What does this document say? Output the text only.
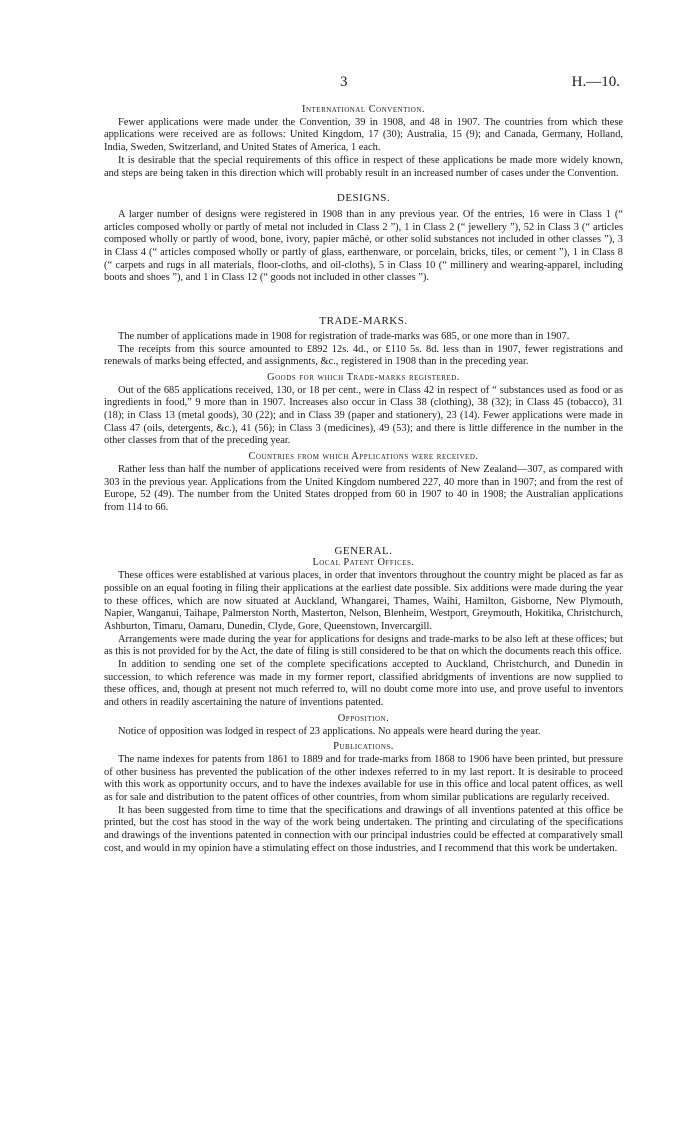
3	H.—10.
International Convention.

Fewer applications were made under the Convention, 39 in 1908, and 48 in 1907. The countries from which these applications were received are as follows: United Kingdom, 17 (30); Australia, 15 (9); and Canada, Germany, Holland, India, Sweden, Switzerland, and United States of America, 1 each.

It is desirable that the special requirements of this office in respect of these applications be made more widely known, and steps are being taken in this direction which will probably result in an increased number of cases under the Convention.

DESIGNS.

A larger number of designs were registered in 1908 than in any previous year. Of the entries, 16 were in Class 1 (“ articles composed wholly or partly of metal not included in Class 2 ”), 1 in Class 2 (“ jewellery ”), 52 in Class 3 (“ articles composed wholly or partly of wood, bone, ivory, papier mâché, or other solid substances not included in other classes ”), 3 in Class 4 (“ articles composed wholly or partly of glass, earthenware, or porcelain, bricks, tiles, or cement ”), 1 in Class 8 (“ carpets and rugs in all materials, floor-cloths, and oil-cloths), 5 in Class 10 (“ millinery and wearing-apparel, including boots and shoes ”), and 1 in Class 12 (“ goods not included in other classes ”).

TRADE-MARKS.

The number of applications made in 1908 for registration of trade-marks was 685, or one more than in 1907.

The receipts from this source amounted to £892 12s. 4d., or £110 5s. 8d. less than in 1907, fewer registrations and renewals of marks being effected, and assignments, &c., registered in 1908 than in the preceding year.

Goods for which Trade-marks registered.

Out of the 685 applications received, 130, or 18 per cent., were in Class 42 in respect of “ substances used as food or as ingredients in food,” 9 more than in 1907. Increases also occur in Class 38 (clothing), 38 (32); in Class 45 (tobacco), 31 (18); in Class 13 (metal goods), 30 (22); and in Class 39 (paper and stationery), 23 (14). Fewer applications were made in Class 47 (oils, detergents, &c.), 41 (56); in Class 3 (medicines), 49 (53); and there is little difference in the number in the other classes from that of the preceding year.

Countries from which Applications were received.

Rather less than half the number of applications received were from residents of New Zealand—307, as compared with 303 in the previous year. Applications from the United Kingdom numbered 227, 40 more than in 1907; and from the rest of Europe, 52 (49). The number from the United States dropped from 60 in 1907 to 40 in 1908; the Australian applications from 114 to 66.

GENERAL.
Local Patent Offices.

These offices were established at various places, in order that inventors throughout the country might be placed as far as possible on an equal footing in filing their applications at the earliest date possible. Six additions were made during the year to these offices, which are now situated at Auckland, Whangarei, Thames, Waihi, Hamilton, Gisborne, New Plymouth, Napier, Wanganui, Taihape, Palmerston North, Masterton, Nelson, Blenheim, Westport, Greymouth, Hokitika, Christchurch, Ashburton, Timaru, Oamaru, Dunedin, Clyde, Gore, Queenstown, Invercargill.

Arrangements were made during the year for applications for designs and trade-marks to be also left at these offices; but as this is not provided for by the Act, the date of filing is still considered to be that on which the documents reach this office.

In addition to sending one set of the complete specifications accepted to Auckland, Christchurch, and Dunedin in succession, to which reference was made in my former report, classified abridgments of inventions are now supplied to these offices, and, though at present not much referred to, will no doubt come more into use, and prove useful to inventors and others in readily ascertaining the nature of inventions patented.

Opposition.

Notice of opposition was lodged in respect of 23 applications. No appeals were heard during the year.

Publications.

The name indexes for patents from 1861 to 1889 and for trade-marks from 1868 to 1906 have been printed, but pressure of other business has prevented the publication of the other indexes referred to in my last report. It is desirable to proceed with this work as opportunity occurs, and to have the indexes available for use in this office and local patent offices, as well as for sale and distribution to the patent offices of other countries, from whom similar publications are regularly received.

It has been suggested from time to time that the specifications and drawings of all inventions patented at this office be printed, but the cost has stood in the way of the work being undertaken. The printing and circulating of the specifications and drawings of the inventions patented in connection with our principal industries could be effected at comparatively small cost, and would in my opinion have a stimulating effect on those industries, and I recommend that this work be undertaken.
